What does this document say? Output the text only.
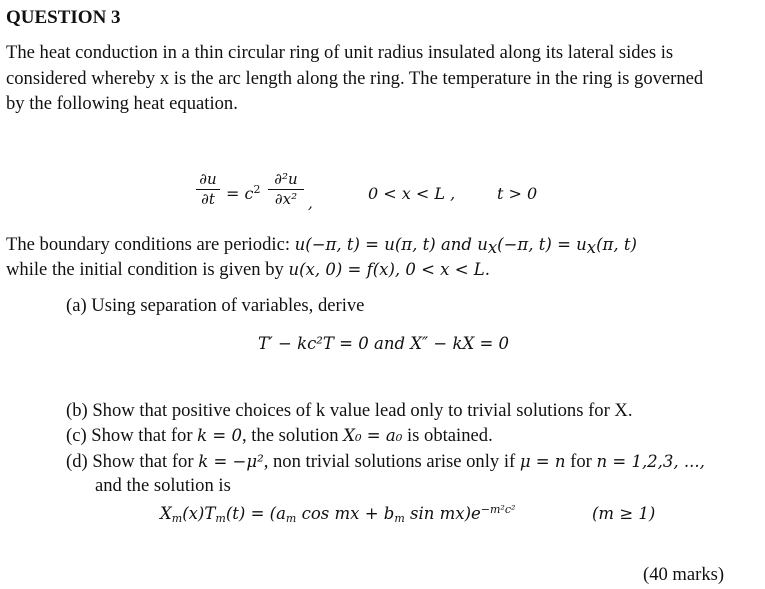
QUESTION 3
The heat conduction in a thin circular ring of unit radius insulated along its lateral sides is
considered whereby x is the arc length along the ring. The temperature in the ring is governed
by the following heat equation.
∂u
$\partial t = c^2$
∂²u
∂x² ,	0 < x < L ,	t > 0
The boundary conditions are periodic: u(−π, t) = u(π, t) and $u_x(-\pi$, $t) = u_x(\pi$, t)
while the initial condition is given by u(x, 0) = f(x), 0 < x < L.
(a) Using separation of variables, derive
T′ − kc²T = 0 and X″ − kX = 0
(b) Show that positive choices of k value lead only to trivial solutions for X.
(c) Show that for k = 0, the solution X₀ = a₀ is obtained.
(d) Show that for k = −μ², non trivial solutions arise only if μ = n for n = 1,2,3, ...,
and the solution is
$X_m(x)T_m(t) = (a_m$ cos mx + $b_m$ $\sin mx)e^{-m^2c^2}$	(m ≥ 1)
(40 marks)
